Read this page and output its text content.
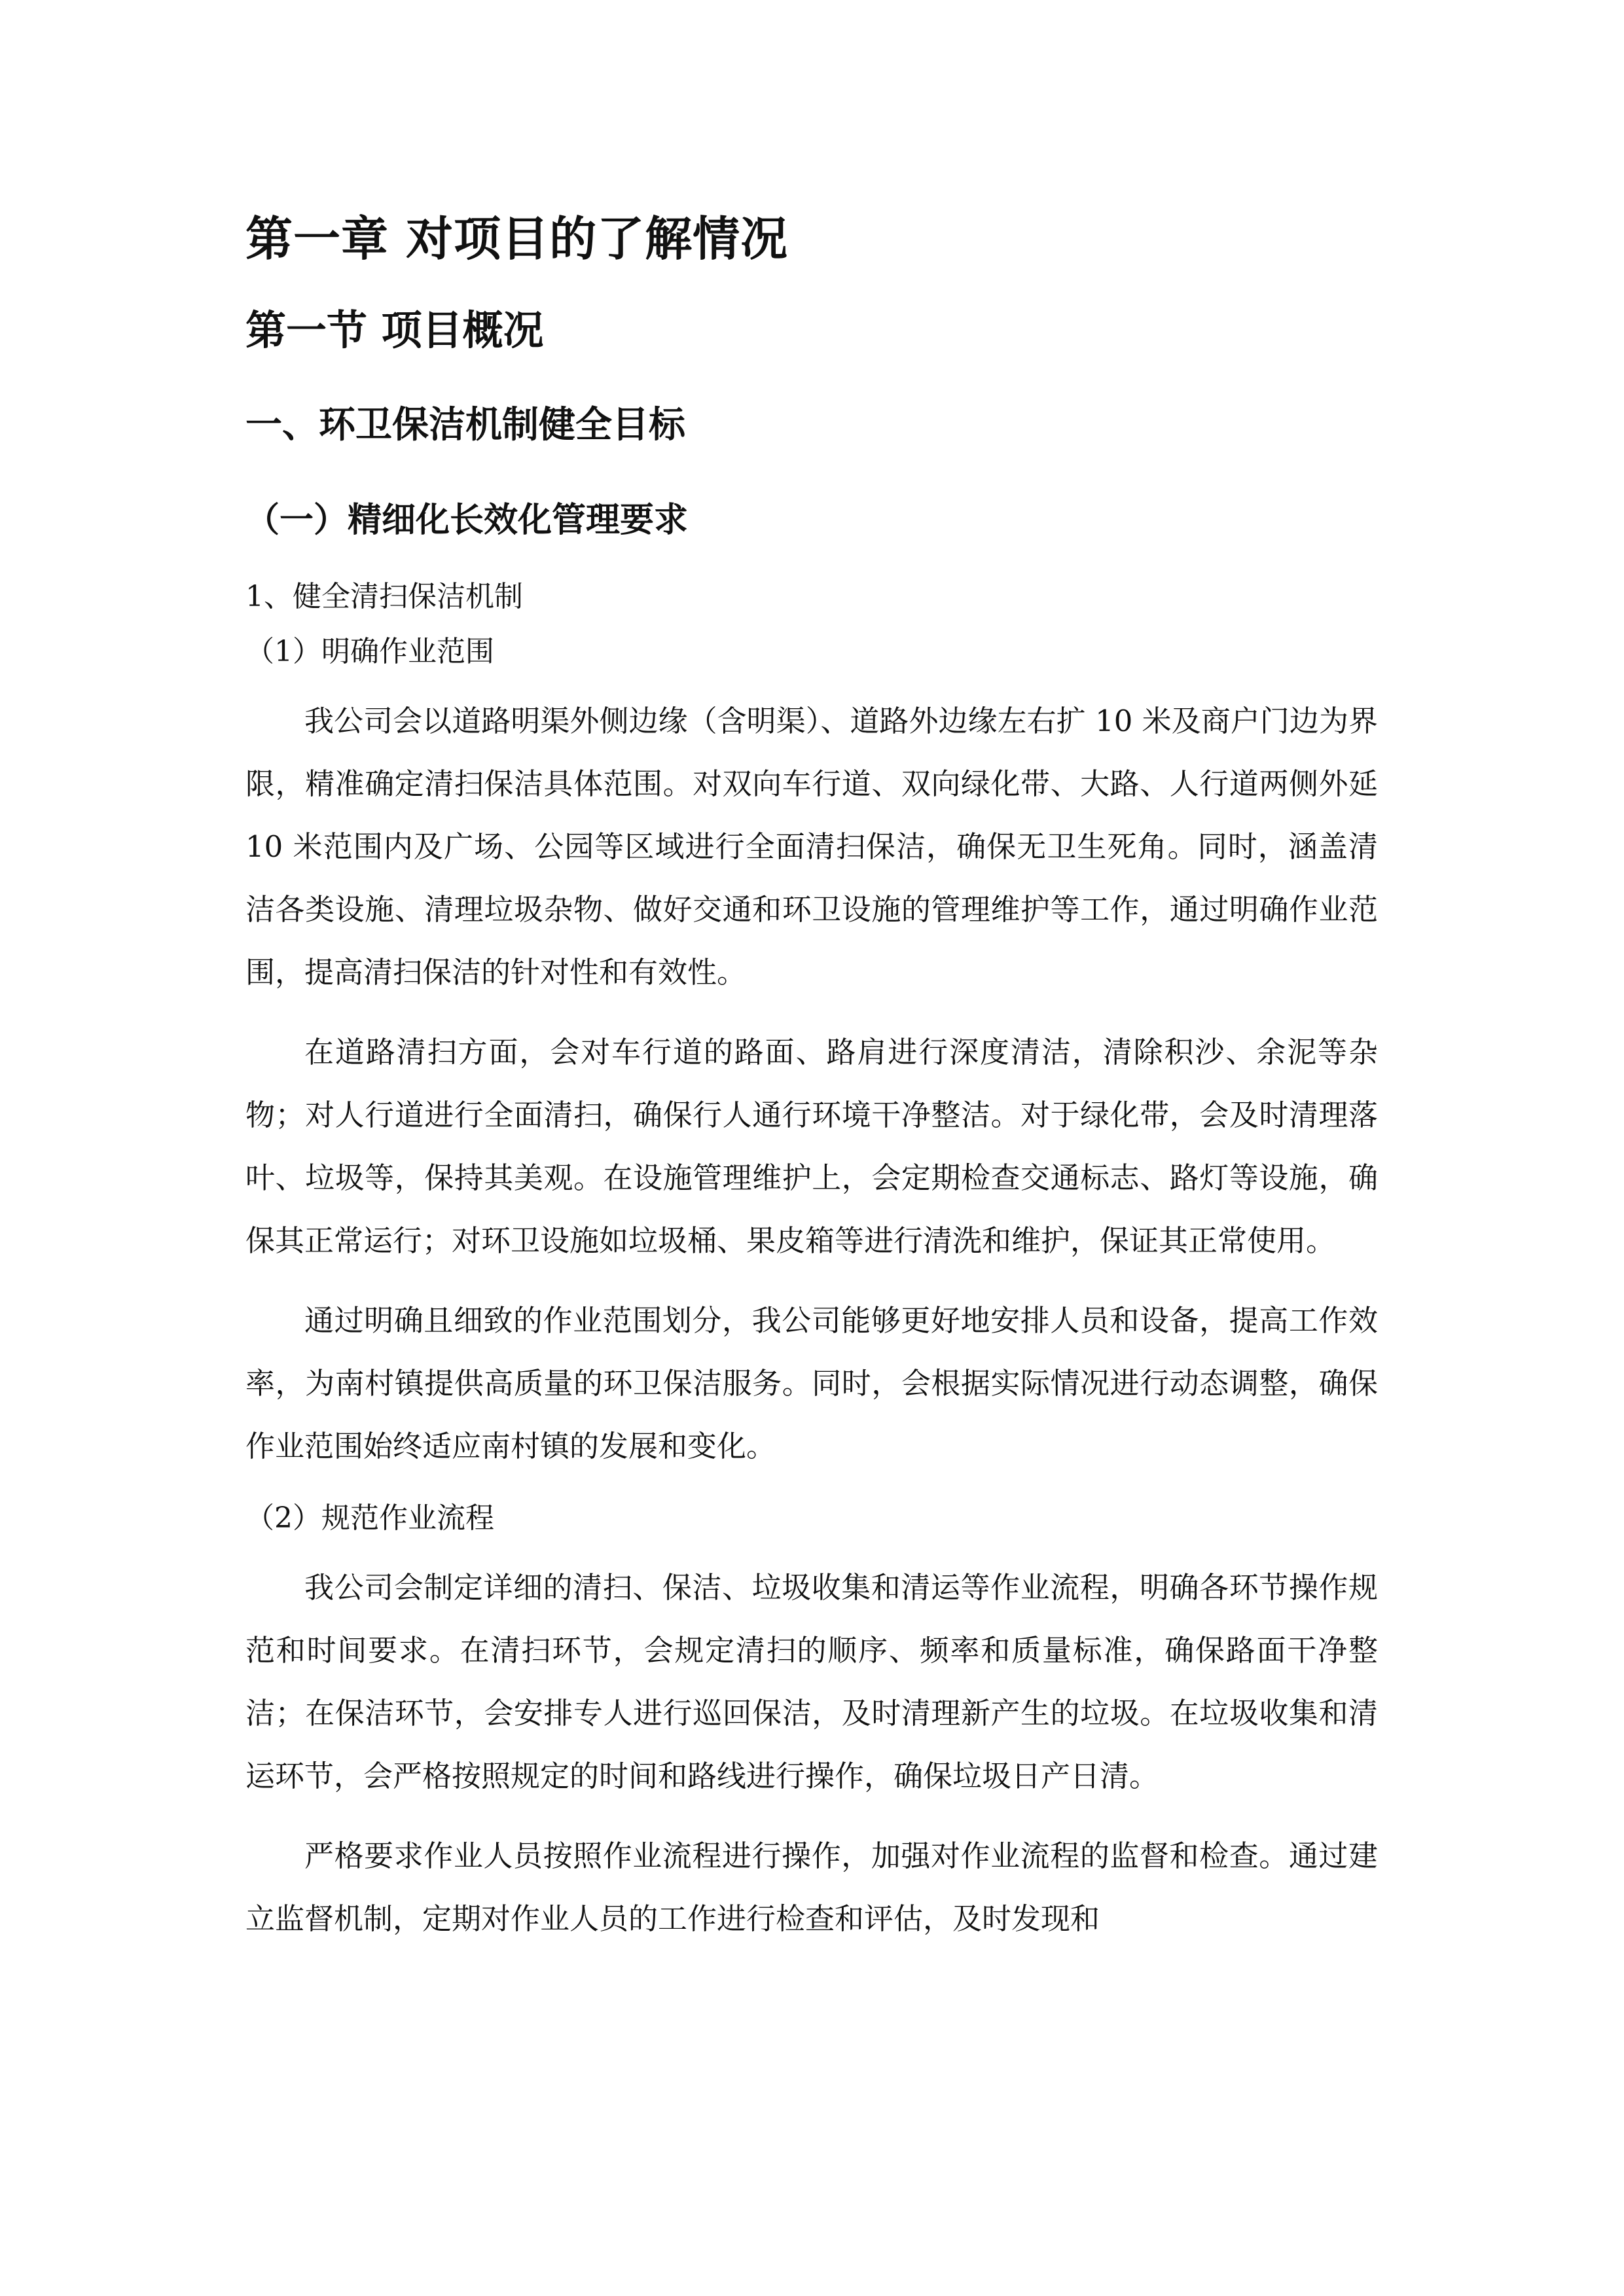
第一章 对项目的了解情况
第一节 项目概况
一、环卫保洁机制健全目标
（一）精细化长效化管理要求

1、健全清扫保洁机制

（1）明确作业范围

我公司会以道路明渠外侧边缘（含明渠）、道路外边缘左右扩 10 米及商户门边为界限，精准确定清扫保洁具体范围。对双向车行道、双向绿化带、大路、人行道两侧外延 10 米范围内及广场、公园等区域进行全面清扫保洁，确保无卫生死角。同时，涵盖清洁各类设施、清理垃圾杂物、做好交通和环卫设施的管理维护等工作，通过明确作业范围，提高清扫保洁的针对性和有效性。

在道路清扫方面，会对车行道的路面、路肩进行深度清洁，清除积沙、余泥等杂物；对人行道进行全面清扫，确保行人通行环境干净整洁。对于绿化带，会及时清理落叶、垃圾等，保持其美观。在设施管理维护上，会定期检查交通标志、路灯等设施，确保其正常运行；对环卫设施如垃圾桶、果皮箱等进行清洗和维护，保证其正常使用。

通过明确且细致的作业范围划分，我公司能够更好地安排人员和设备，提高工作效率，为南村镇提供高质量的环卫保洁服务。同时，会根据实际情况进行动态调整，确保作业范围始终适应南村镇的发展和变化。

（2）规范作业流程

我公司会制定详细的清扫、保洁、垃圾收集和清运等作业流程，明确各环节操作规范和时间要求。在清扫环节，会规定清扫的顺序、频率和质量标准，确保路面干净整洁；在保洁环节，会安排专人进行巡回保洁，及时清理新产生的垃圾。在垃圾收集和清运环节，会严格按照规定的时间和路线进行操作，确保垃圾日产日清。

严格要求作业人员按照作业流程进行操作，加强对作业流程的监督和检查。通过建立监督机制，定期对作业人员的工作进行检查和评估，及时发现和
